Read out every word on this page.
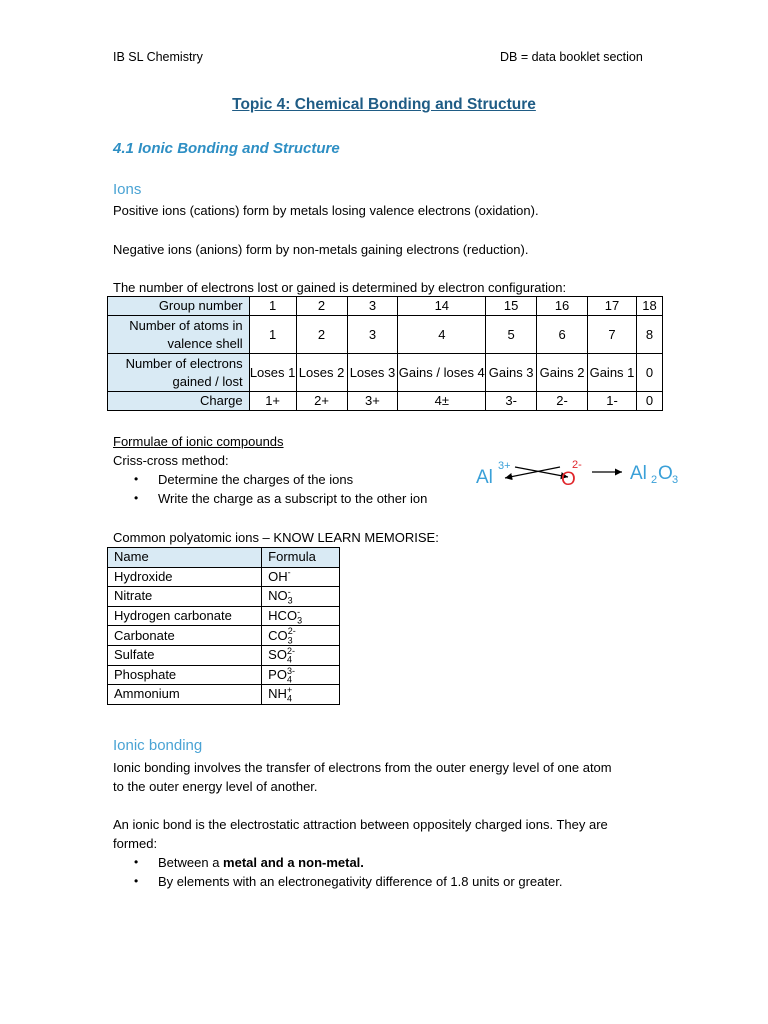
IB SL Chemistry	DB = data booklet section
Topic 4: Chemical Bonding and Structure
4.1 Ionic Bonding and Structure
Ions
Positive ions (cations) form by metals losing valence electrons (oxidation).
Negative ions (anions) form by non-metals gaining electrons (reduction).
The number of electrons lost or gained is determined by electron configuration:
Group number	1	2	3	14	15	16	17	18
Number of atoms in valence shell	1	2	3	4	5	6	7	8
Number of electrons gained / lost	Loses 1	Loses 2	Loses 3	Gains / loses 4	Gains 3	Gains 2	Gains 1	0
Charge	1+	2+	3+	4±	3-	2-	1-	0
Formulae of ionic compounds
Criss-cross method:
• Determine the charges of the ions
• Write the charge as a subscript to the other ion
Al
3+
O
2-	Al 2 O 3
Common polyatomic ions – KNOW LEARN MEMORISE:
Name	Formula
Hydroxide	OH-
Nitrate	$NO_3^-$
Hydrogen carbonate	$HCO_3^-$
Carbonate	$CO_3^{2-}$
Sulfate	$SO_4^{2-}$
Phosphate	$PO_4^{3-}$
Ammonium	$NH_4^+$
Ionic bonding
Ionic bonding involves the transfer of electrons from the outer energy level of one atom
to the outer energy level of another.
An ionic bond is the electrostatic attraction between oppositely charged ions. They are
formed:
• Between a metal and a non-metal.
• By elements with an electronegativity difference of 1.8 units or greater.
